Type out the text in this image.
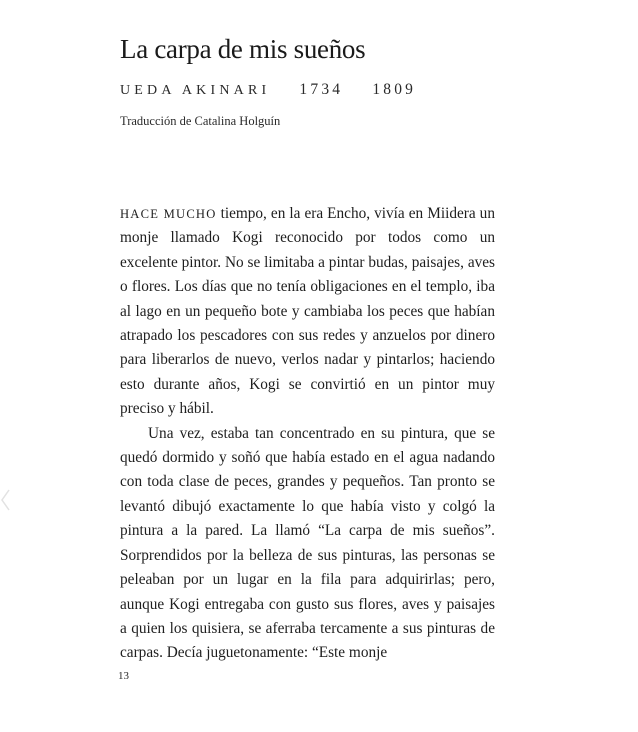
La carpa de mis sueños
UEDA AKINARI 1734 1809
Traducción de Catalina Holguín

HACE MUCHO tiempo, en la era Encho, vivía en Miidera un monje llamado Kogi reconocido por todos como un excelente pintor. No se limitaba a pintar budas, paisajes, aves o flores. Los días que no tenía obligaciones en el templo, iba al lago en un pequeño bote y cambiaba los peces que habían atrapado los pescadores con sus redes y anzuelos por dinero para liberarlos de nuevo, verlos nadar y pintarlos; haciendo esto durante años, Kogi se convirtió en un pintor muy preciso y hábil.

Una vez, estaba tan concentrado en su pintura, que se quedó dormido y soñó que había estado en el agua nadando con toda clase de peces, grandes y pequeños. Tan pronto se levantó dibujó exactamente lo que había visto y colgó la pintura a la pared. La llamó “La carpa de mis sueños”. Sorprendidos por la belleza de sus pinturas, las personas se peleaban por un lugar en la fila para adquirirlas; pero, aunque Kogi entregaba con gusto sus flores, aves y paisajes a quien los quisiera, se aferraba tercamente a sus pinturas de carpas. Decía juguetonamente: “Este monje

13
